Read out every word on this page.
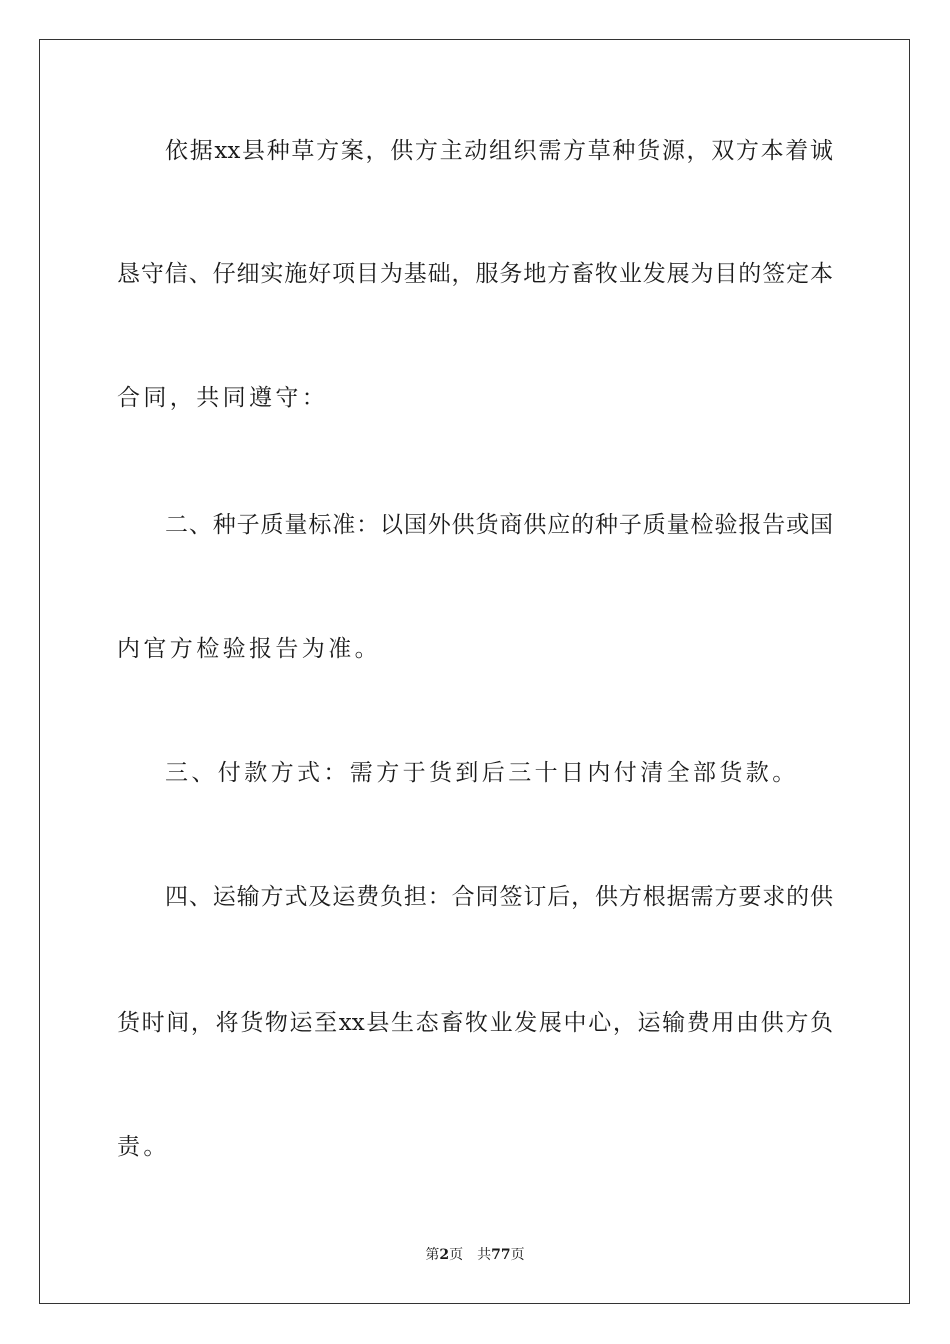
依据xx县种草方案，供方主动组织需方草种货源，双方本着诚
恳守信、仔细实施好项目为基础，服务地方畜牧业发展为目的签定本
合同，共同遵守：
二、种子质量标准：以国外供货商供应的种子质量检验报告或国
内官方检验报告为准。
三、付款方式：需方于货到后三十日内付清全部货款。
四、运输方式及运费负担：合同签订后，供方根据需方要求的供
货时间，将货物运至xx县生态畜牧业发展中心，运输费用由供方负
责。
第2页 共77页
